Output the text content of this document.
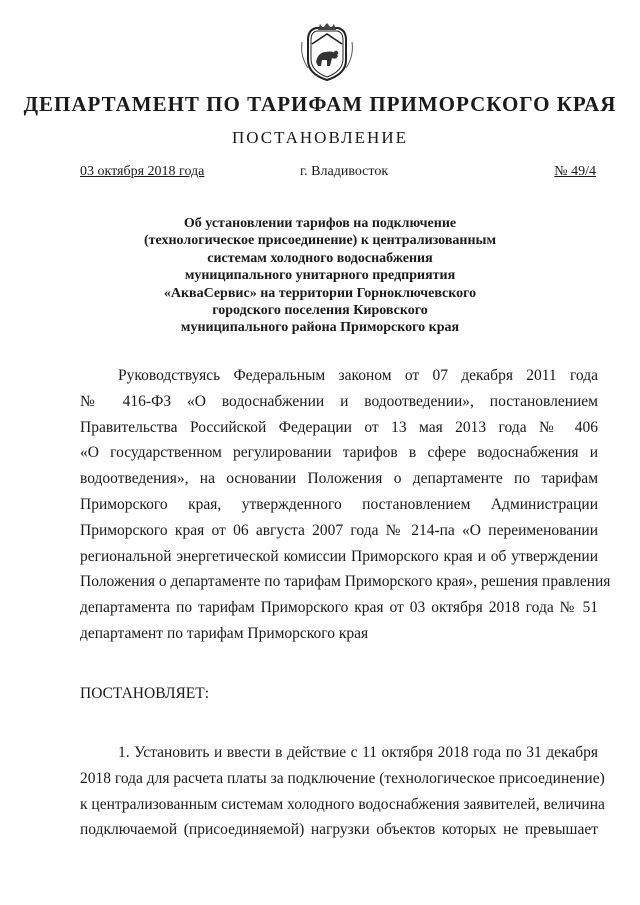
ДЕПАРТАМЕНТ ПО ТАРИФАМ ПРИМОРСКОГО КРАЯ
ПОСТАНОВЛЕНИЕ
03 октября 2018 года	г. Владивосток	№ 49/4
Об установлении тарифов на подключение
(технологическое присоединение) к централизованным
системам холодного водоснабжения
муниципального унитарного предприятия
«АкваСервис» на территории Горноключевского
городского поселения Кировского
муниципального района Приморского края
Руководствуясь Федеральным законом от 07 декабря 2011 года
№ 416-ФЗ «О водоснабжении и водоотведении», постановлением
Правительства Российской Федерации от 13 мая 2013 года № 406
«О государственном регулировании тарифов в сфере водоснабжения и
водоотведения», на основании Положения о департаменте по тарифам
Приморского края, утвержденного постановлением Администрации
Приморского края от 06 августа 2007 года № 214-па «О переименовании
региональной энергетической комиссии Приморского края и об утверждении
Положения о департаменте по тарифам Приморского края», решения правления
департамента по тарифам Приморского края от 03 октября 2018 года № 51
департамент по тарифам Приморского края
ПОСТАНОВЛЯЕТ:
1. Установить и ввести в действие с 11 октября 2018 года по 31 декабря
2018 года для расчета платы за подключение (технологическое присоединение)
к централизованным системам холодного водоснабжения заявителей, величина
подключаемой (присоединяемой) нагрузки объектов которых не превышает
